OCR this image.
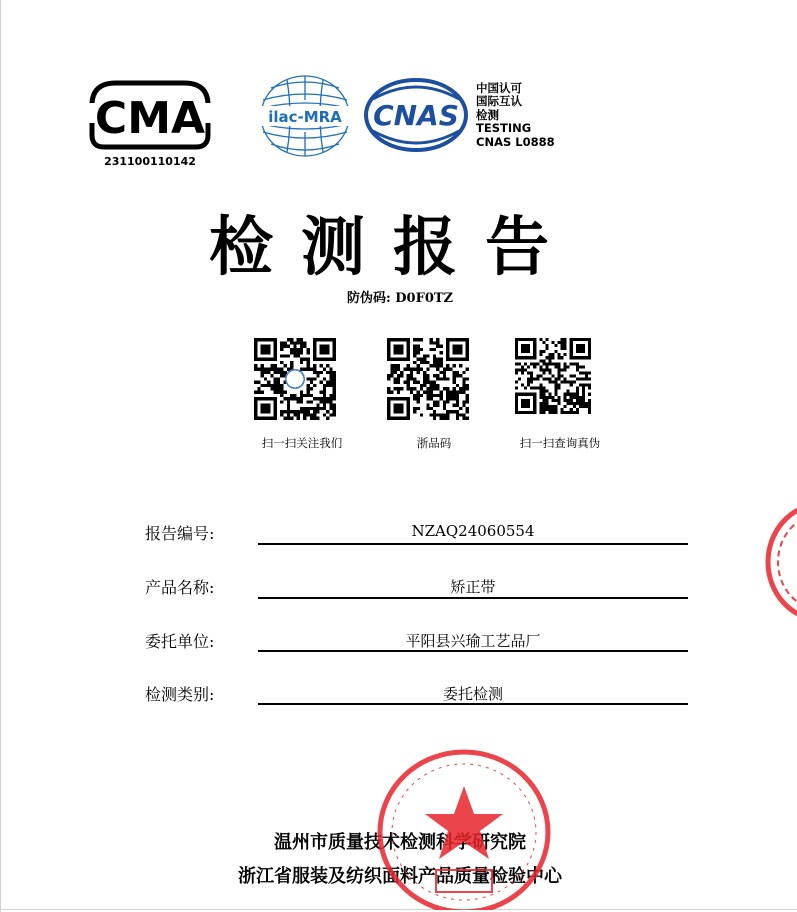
CMA
231100110142
ilac-MRA CNAS
中国认可
国际互认
检测
TESTING
CNAS L0888
检 测 报 告
防伪码: D0F0TZ
扫一扫关注我们	浙品码	扫一扫查询真伪
报告编号:	NZAQ24060554
产品名称:	矫正带
委托单位:	平阳县兴瑜工艺品厂
检测类别:	委托检测
温州市质量技术检测科学研究院
浙江省服装及纺织面料产品质量检验中心
